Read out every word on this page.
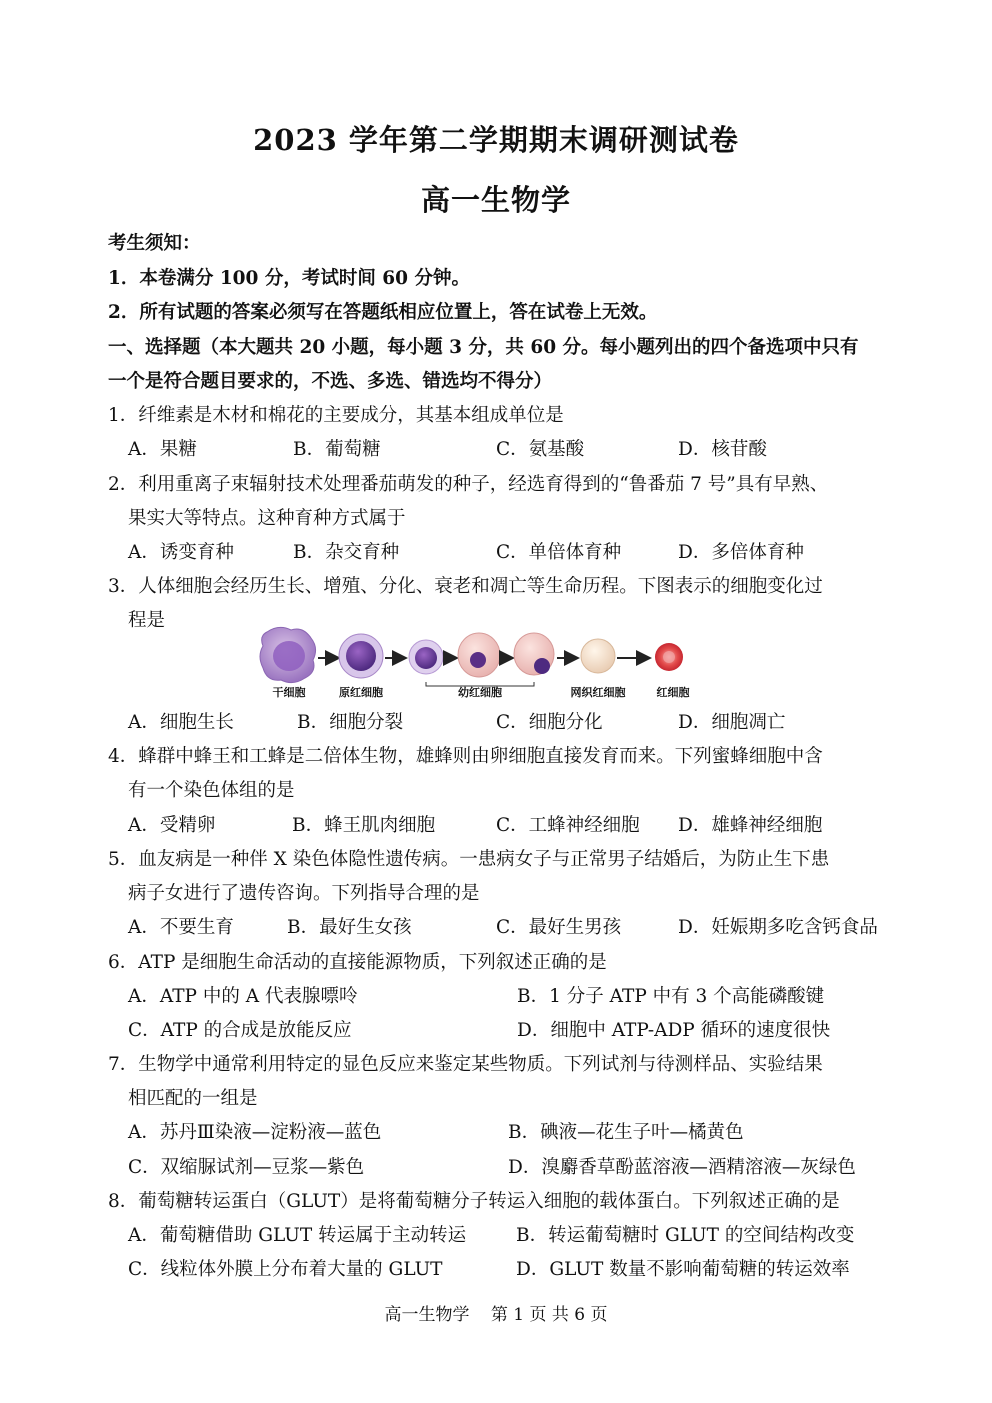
2023 学年第二学期期末调研测试卷
高一生物学
考生须知：
1．本卷满分 100 分，考试时间 60 分钟。
2．所有试题的答案必须写在答题纸相应位置上，答在试卷上无效。
一、选择题（本大题共 20 小题，每小题 3 分，共 60 分。每小题列出的四个备选项中只有
一个是符合题目要求的，不选、多选、错选均不得分）
1．纤维素是木材和棉花的主要成分，其基本组成单位是
A．果糖	B．葡萄糖	C．氨基酸	D．核苷酸
2．利用重离子束辐射技术处理番茄萌发的种子，经选育得到的“鲁番茄 7 号”具有早熟、
果实大等特点。这种育种方式属于
A．诱变育种	B．杂交育种	C．单倍体育种	D．多倍体育种
3．人体细胞会经历生长、增殖、分化、衰老和凋亡等生命历程。下图表示的细胞变化过
程是
干细胞	原红细胞	幼红细胞	网织红细胞	红细胞
A．细胞生长	B．细胞分裂	C．细胞分化	D．细胞凋亡
4．蜂群中蜂王和工蜂是二倍体生物，雄蜂则由卵细胞直接发育而来。下列蜜蜂细胞中含
有一个染色体组的是
A．受精卵	B．蜂王肌肉细胞	C．工蜂神经细胞 D．雄蜂神经细胞
5．血友病是一种伴 X 染色体隐性遗传病。一患病女子与正常男子结婚后，为防止生下患
病子女进行了遗传咨询。下列指导合理的是
A．不要生育	B．最好生女孩	C．最好生男孩	D．妊娠期多吃含钙食品
6．ATP 是细胞生命活动的直接能源物质，下列叙述正确的是
A．ATP 中的 A 代表腺嘌呤	B．1 分子 ATP 中有 3 个高能磷酸键
C．ATP 的合成是放能反应	D．细胞中 ATP-ADP 循环的速度很快
7．生物学中通常利用特定的显色反应来鉴定某些物质。下列试剂与待测样品、实验结果
相匹配的一组是
A．苏丹Ⅲ染液—淀粉液—蓝色	B．碘液—花生子叶—橘黄色
C．双缩脲试剂—豆浆—紫色	D．溴麝香草酚蓝溶液—酒精溶液—灰绿色
8．葡萄糖转运蛋白（GLUT）是将葡萄糖分子转运入细胞的载体蛋白。下列叙述正确的是
A．葡萄糖借助 GLUT 转运属于主动转运	B．转运葡萄糖时 GLUT 的空间结构改变
C．线粒体外膜上分布着大量的 GLUT	D．GLUT 数量不影响葡萄糖的转运效率
高一生物学 第 1 页 共 6 页
